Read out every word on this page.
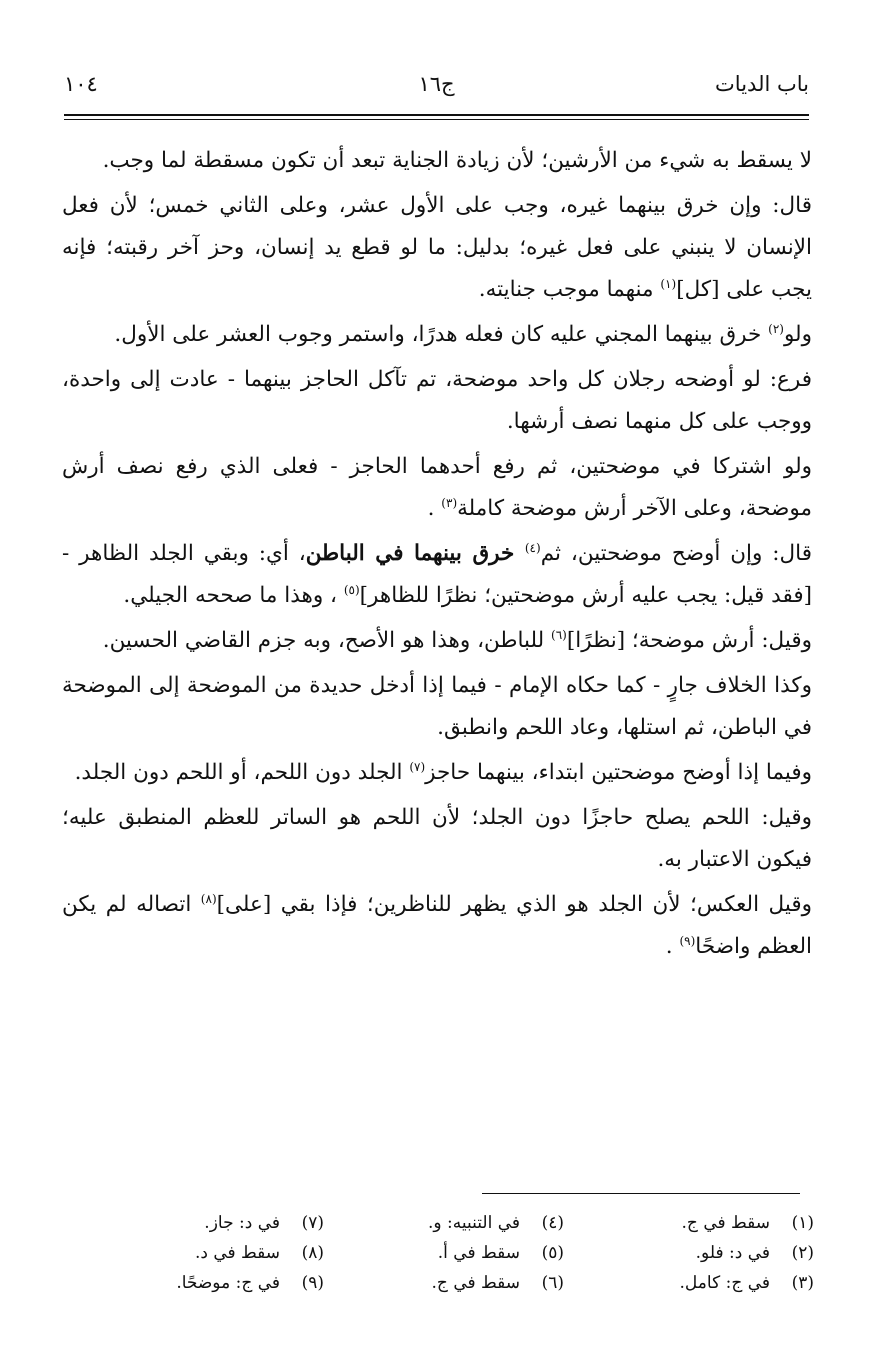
باب الديات
ج١٦
١٠٤

لا يسقط به شيء من الأرشين؛ لأن زيادة الجناية تبعد أن تكون مسقطة لما وجب.

قال: وإن خرق بينهما غيره، وجب على الأول عشر، وعلى الثاني خمس؛ لأن فعل الإنسان لا ينبني على فعل غيره؛ بدليل: ما لو قطع يد إنسان، وحز آخر رقبته؛ فإنه يجب على [كل]$^{(١)}$ منهما موجب جنايته.

ولو$^{(٢)}$ خرق بينهما المجني عليه كان فعله هدرًا، واستمر وجوب العشر على الأول.

فرع: لو أوضحه رجلان كل واحد موضحة، تم تآكل الحاجز بينهما - عادت إلى واحدة، ووجب على كل منهما نصف أرشها.

ولو اشتركا في موضحتين، ثم رفع أحدهما الحاجز - فعلى الذي رفع نصف أرش موضحة، وعلى الآخر أرش موضحة كاملة$^{(٣)}$ .

قال: وإن أوضح موضحتين، ثم$^{(٤)}$ خرق بينهما في الباطن، أي: وبقي الجلد الظاهر - [فقد قيل: يجب عليه أرش موضحتين؛ نظرًا للظاهر]$^{(٥)}$ ، وهذا ما صححه الجيلي.

وقيل: أرش موضحة؛ [نظرًا]$^{(٦)}$ للباطن، وهذا هو الأصح، وبه جزم القاضي الحسين.

وكذا الخلاف جارٍ - كما حكاه الإمام - فيما إذا أدخل حديدة من الموضحة إلى الموضحة في الباطن، ثم استلها، وعاد اللحم وانطبق.

وفيما إذا أوضح موضحتين ابتداء، بينهما حاجز$^{(٧)}$ الجلد دون اللحم، أو اللحم دون الجلد.

وقيل: اللحم يصلح حاجزًا دون الجلد؛ لأن اللحم هو الساتر للعظم المنطبق عليه؛ فيكون الاعتبار به.

وقيل العكس؛ لأن الجلد هو الذي يظهر للناظرين؛ فإذا بقي [على]$^{(٨)}$ اتصاله لم يكن العظم واضحًا$^{(٩)}$ .

(١)سقط في ج.
(٤)في التنبيه: و.
(٧)في د: جاز.
(٢)في د: فلو.
(٥)سقط في أ.
(٨)سقط في د.
(٣)في ج: كامل.
(٦)سقط في ج.
(٩)في ج: موضحًا.
